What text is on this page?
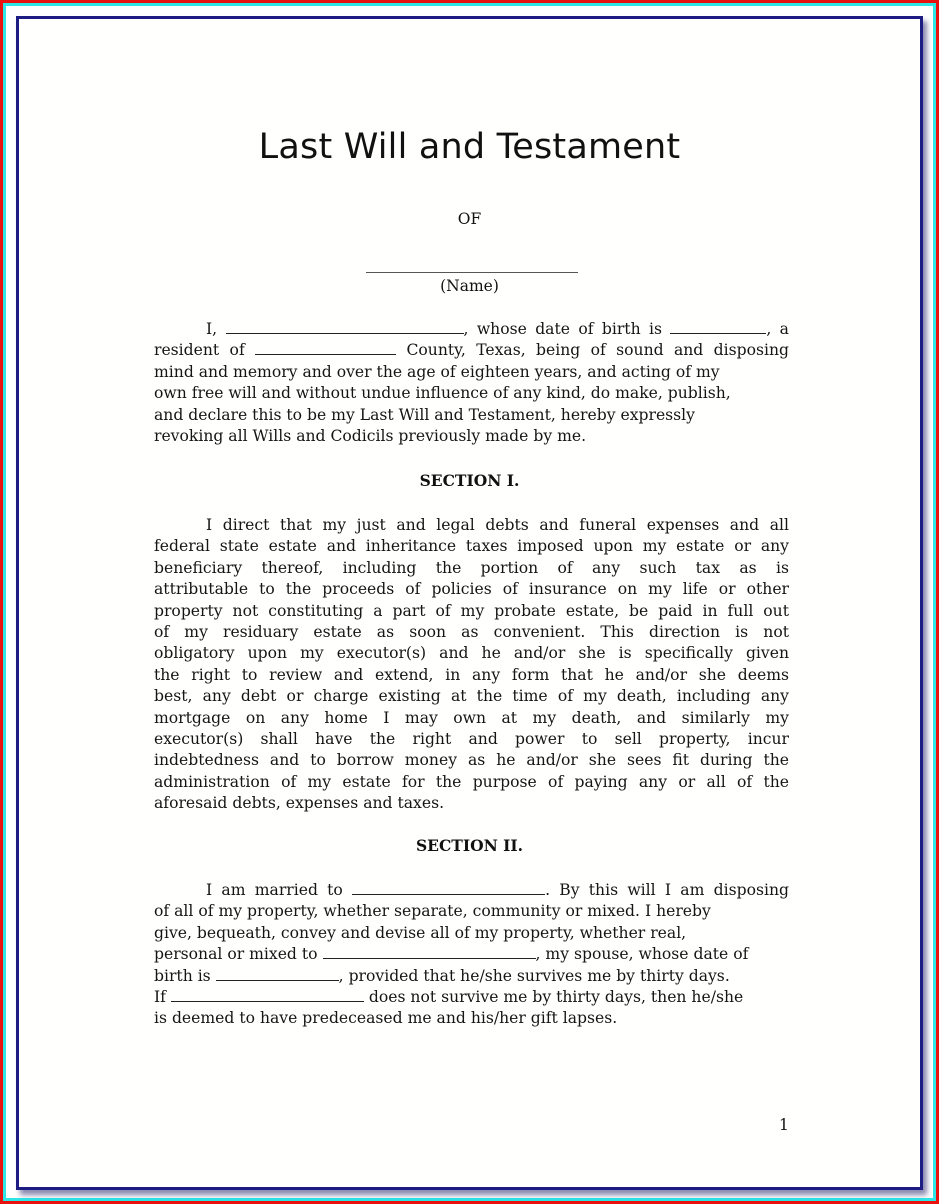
Last Will and Testament
OF
(Name)
I,	, whose date of birth is	, a
resident of	County, Texas, being of sound and disposing
mind and memory and over the age of eighteen years, and acting of my
own free will and without undue influence of any kind, do make, publish,
and declare this to be my Last Will and Testament, hereby expressly
revoking all Wills and Codicils previously made by me.
SECTION I.
I direct that my just and legal debts and funeral expenses and all
federal state estate and inheritance taxes imposed upon my estate or any
beneficiary thereof, including the portion of any such tax as is
attributable to the proceeds of policies of insurance on my life or other
property not constituting a part of my probate estate, be paid in full out
of my residuary estate as soon as convenient. This direction is not
obligatory upon my executor(s) and he and/or she is specifically given
the right to review and extend, in any form that he and/or she deems
best, any debt or charge existing at the time of my death, including any
mortgage on any home I may own at my death, and similarly my
executor(s) shall have the right and power to sell property, incur
indebtedness and to borrow money as he and/or she sees fit during the
administration of my estate for the purpose of paying any or all of the
aforesaid debts, expenses and taxes.
SECTION II.
I am married to	. By this will I am disposing
of all of my property, whether separate, community or mixed. I hereby
give, bequeath, convey and devise all of my property, whether real,
personal or mixed to	, my spouse, whose date of
birth is	, provided that he/she survives me by thirty days.
If	does not survive me by thirty days, then he/she
is deemed to have predeceased me and his/her gift lapses.
1
